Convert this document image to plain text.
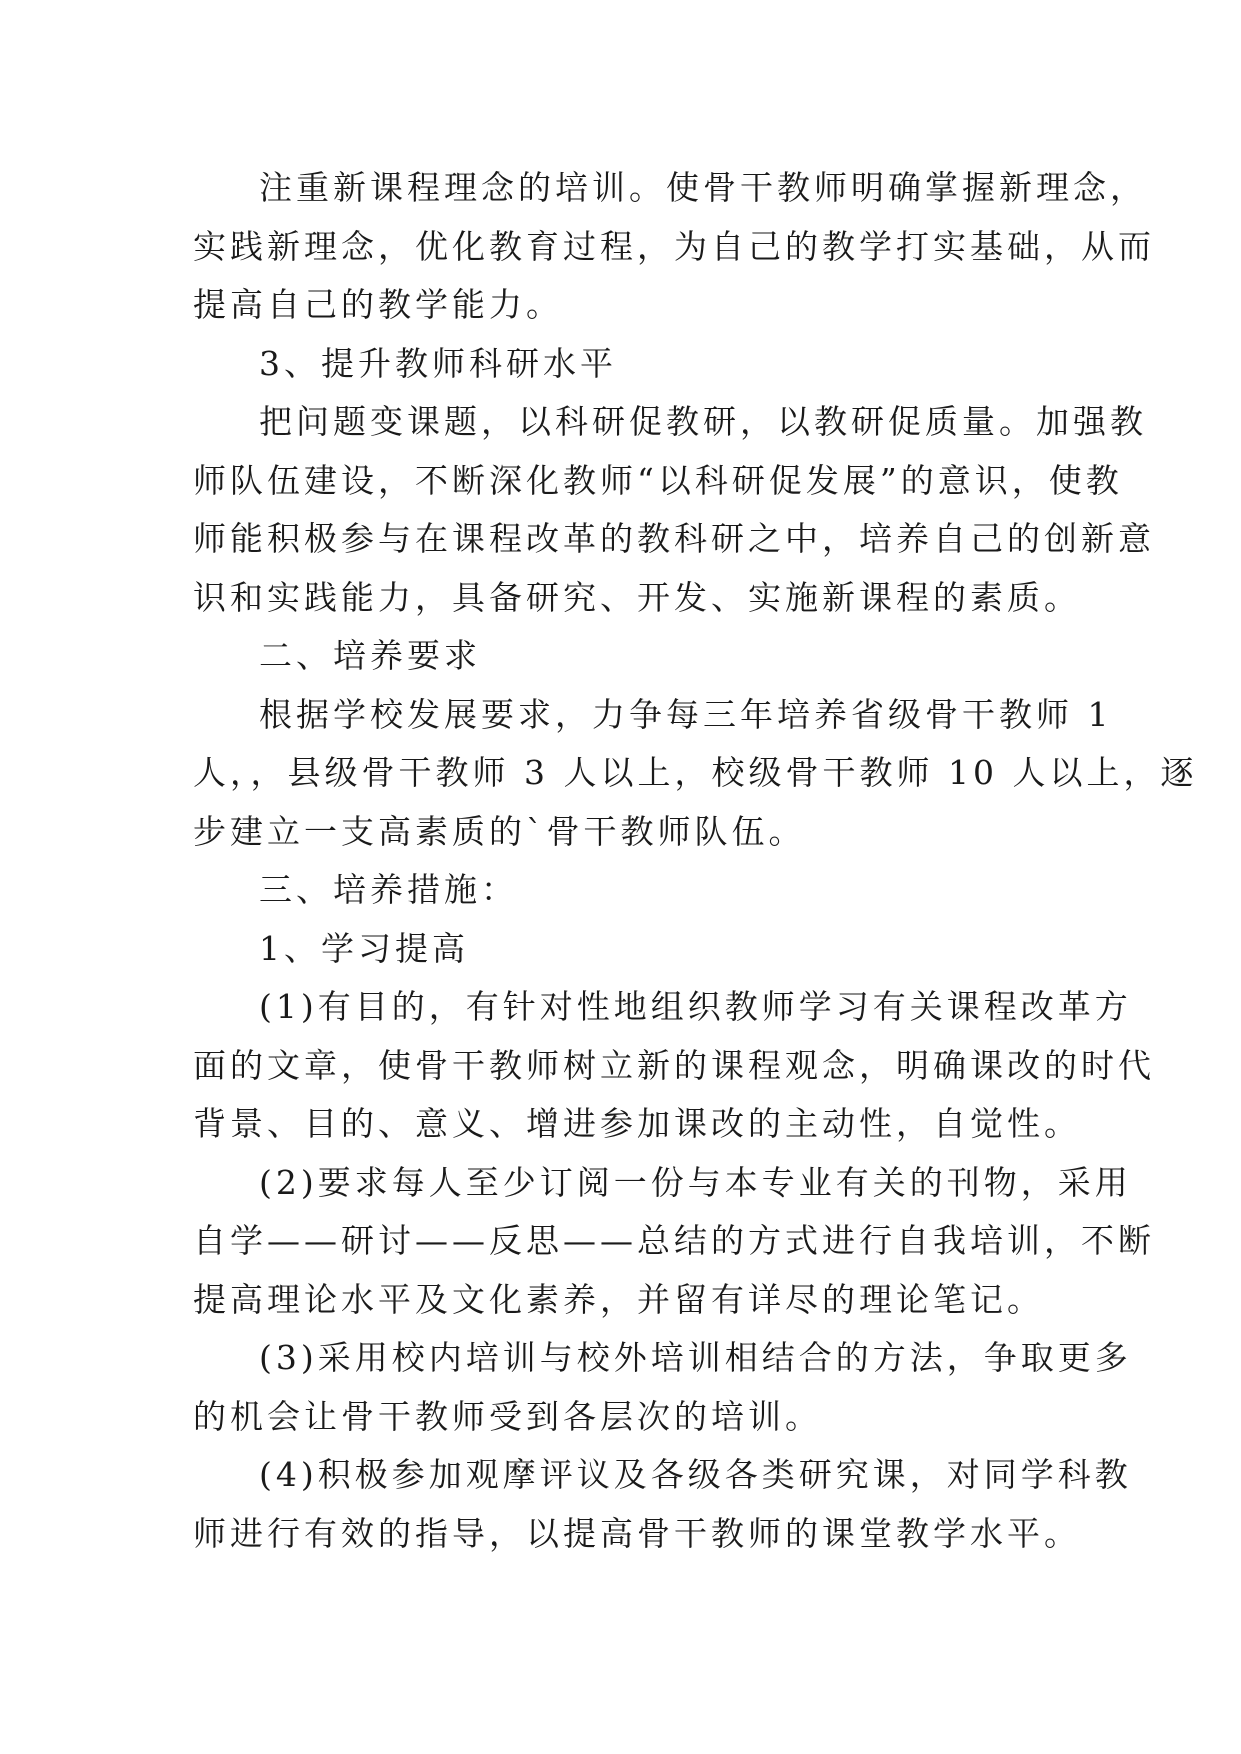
注重新课程理念的培训。使骨干教师明确掌握新理念，
实践新理念，优化教育过程，为自己的教学打实基础，从而
提高自己的教学能力。
3、提升教师科研水平
把问题变课题，以科研促教研，以教研促质量。加强教
师队伍建设，不断深化教师“以科研促发展”的意识，使教
师能积极参与在课程改革的教科研之中，培养自己的创新意
识和实践能力，具备研究、开发、实施新课程的素质。
二、培养要求
根据学校发展要求，力争每三年培养省级骨干教师 1
人，，县级骨干教师 3 人以上，校级骨干教师 10 人以上，逐
步建立一支高素质的`骨干教师队伍。
三、培养措施：
1、学习提高
(1)有目的，有针对性地组织教师学习有关课程改革方
面的文章，使骨干教师树立新的课程观念，明确课改的时代
背景、目的、意义、增进参加课改的主动性，自觉性。
(2)要求每人至少订阅一份与本专业有关的刊物，采用
自学——研讨——反思——总结的方式进行自我培训，不断
提高理论水平及文化素养，并留有详尽的理论笔记。
(3)采用校内培训与校外培训相结合的方法，争取更多
的机会让骨干教师受到各层次的培训。
(4)积极参加观摩评议及各级各类研究课，对同学科教
师进行有效的指导，以提高骨干教师的课堂教学水平。
